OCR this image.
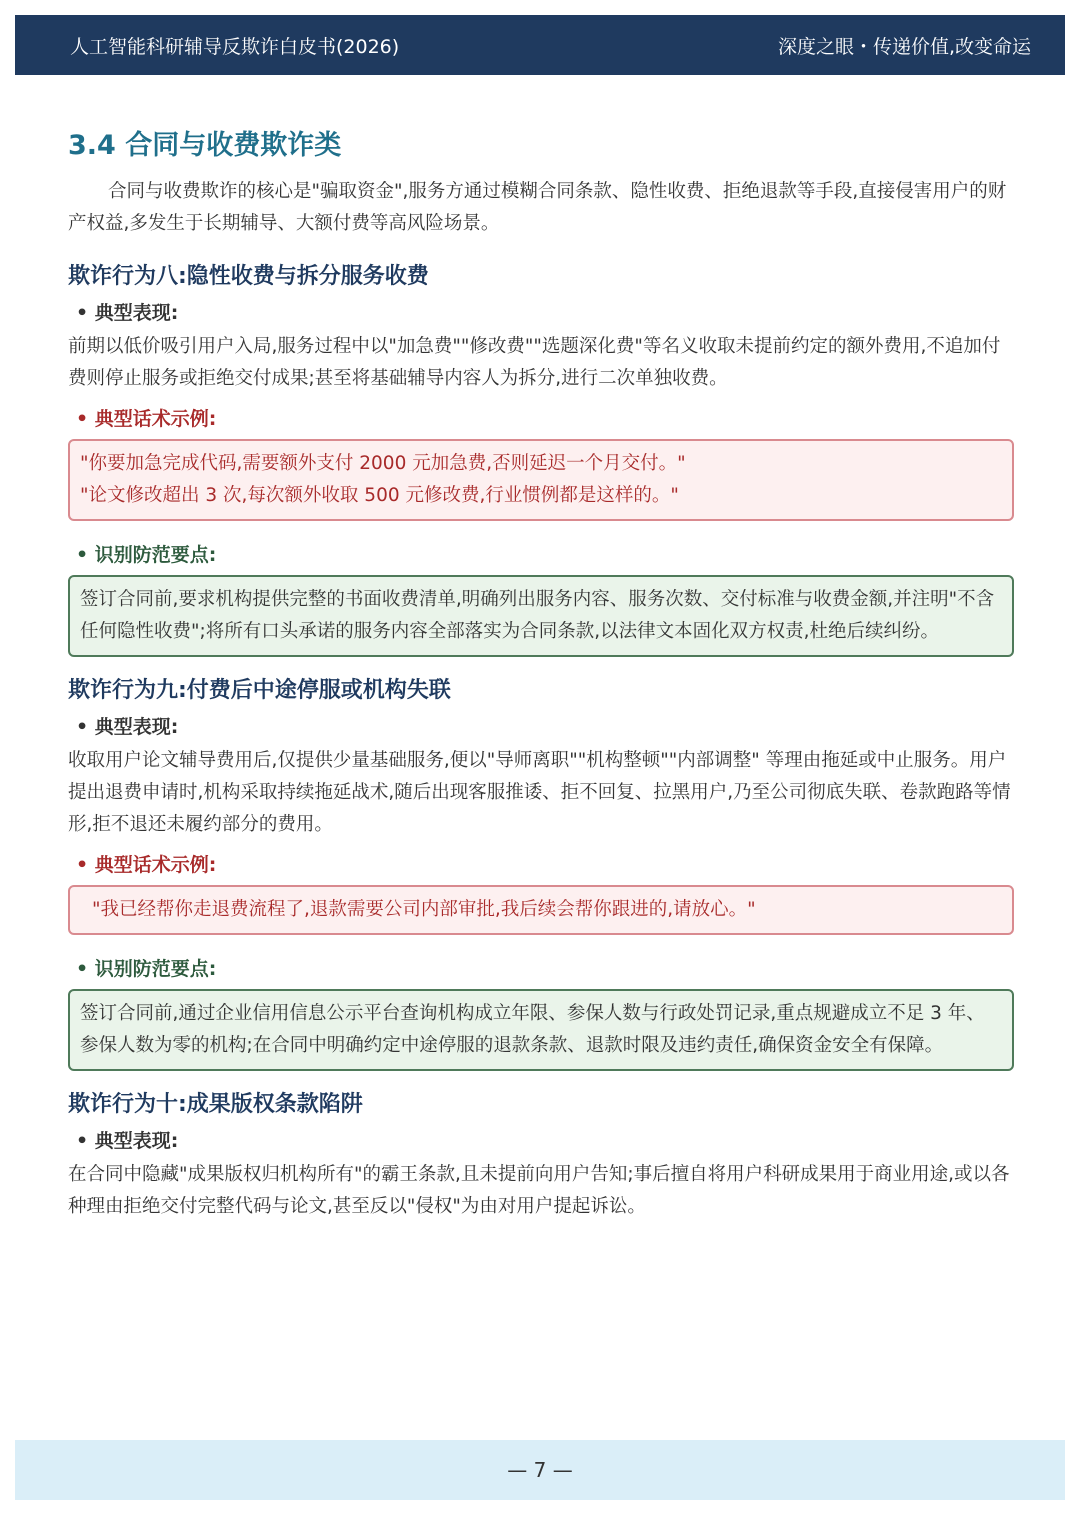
人工智能科研辅导反欺诈白皮书(2026)	深度之眼・传递价值,改变命运
3.4 合同与收费欺诈类

合同与收费欺诈的核心是"骗取资金",服务方通过模糊合同条款、隐性收费、拒绝退款等手段,直接侵害用户的财产权益,多发生于长期辅导、大额付费等高风险场景。

欺诈行为八:隐性收费与拆分服务收费
• 典型表现:

前期以低价吸引用户入局,服务过程中以"加急费""修改费""选题深化费"等名义收取未提前约定的额外费用,不追加付费则停止服务或拒绝交付成果;甚至将基础辅导内容人为拆分,进行二次单独收费。

• 典型话术示例:
"你要加急完成代码,需要额外支付 2000 元加急费,否则延迟一个月交付。"
"论文修改超出 3 次,每次额外收取 500 元修改费,行业惯例都是这样的。"
• 识别防范要点:
签订合同前,要求机构提供完整的书面收费清单,明确列出服务内容、服务次数、交付标准与收费金额,并注明"不含任何隐性收费";将所有口头承诺的服务内容全部落实为合同条款,以法律文本固化双方权责,杜绝后续纠纷。
欺诈行为九:付费后中途停服或机构失联
• 典型表现:

收取用户论文辅导费用后,仅提供少量基础服务,便以"导师离职""机构整顿""内部调整" 等理由拖延或中止服务。用户提出退费申请时,机构采取持续拖延战术,随后出现客服推诿、拒不回复、拉黑用户,乃至公司彻底失联、卷款跑路等情形,拒不退还未履约部分的费用。

• 典型话术示例:
"我已经帮你走退费流程了,退款需要公司内部审批,我后续会帮你跟进的,请放心。"
• 识别防范要点:
签订合同前,通过企业信用信息公示平台查询机构成立年限、参保人数与行政处罚记录,重点规避成立不足 3 年、参保人数为零的机构;在合同中明确约定中途停服的退款条款、退款时限及违约责任,确保资金安全有保障。
欺诈行为十:成果版权条款陷阱
• 典型表现:

在合同中隐藏"成果版权归机构所有"的霸王条款,且未提前向用户告知;事后擅自将用户科研成果用于商业用途,或以各种理由拒绝交付完整代码与论文,甚至反以"侵权"为由对用户提起诉讼。

— 7 —
